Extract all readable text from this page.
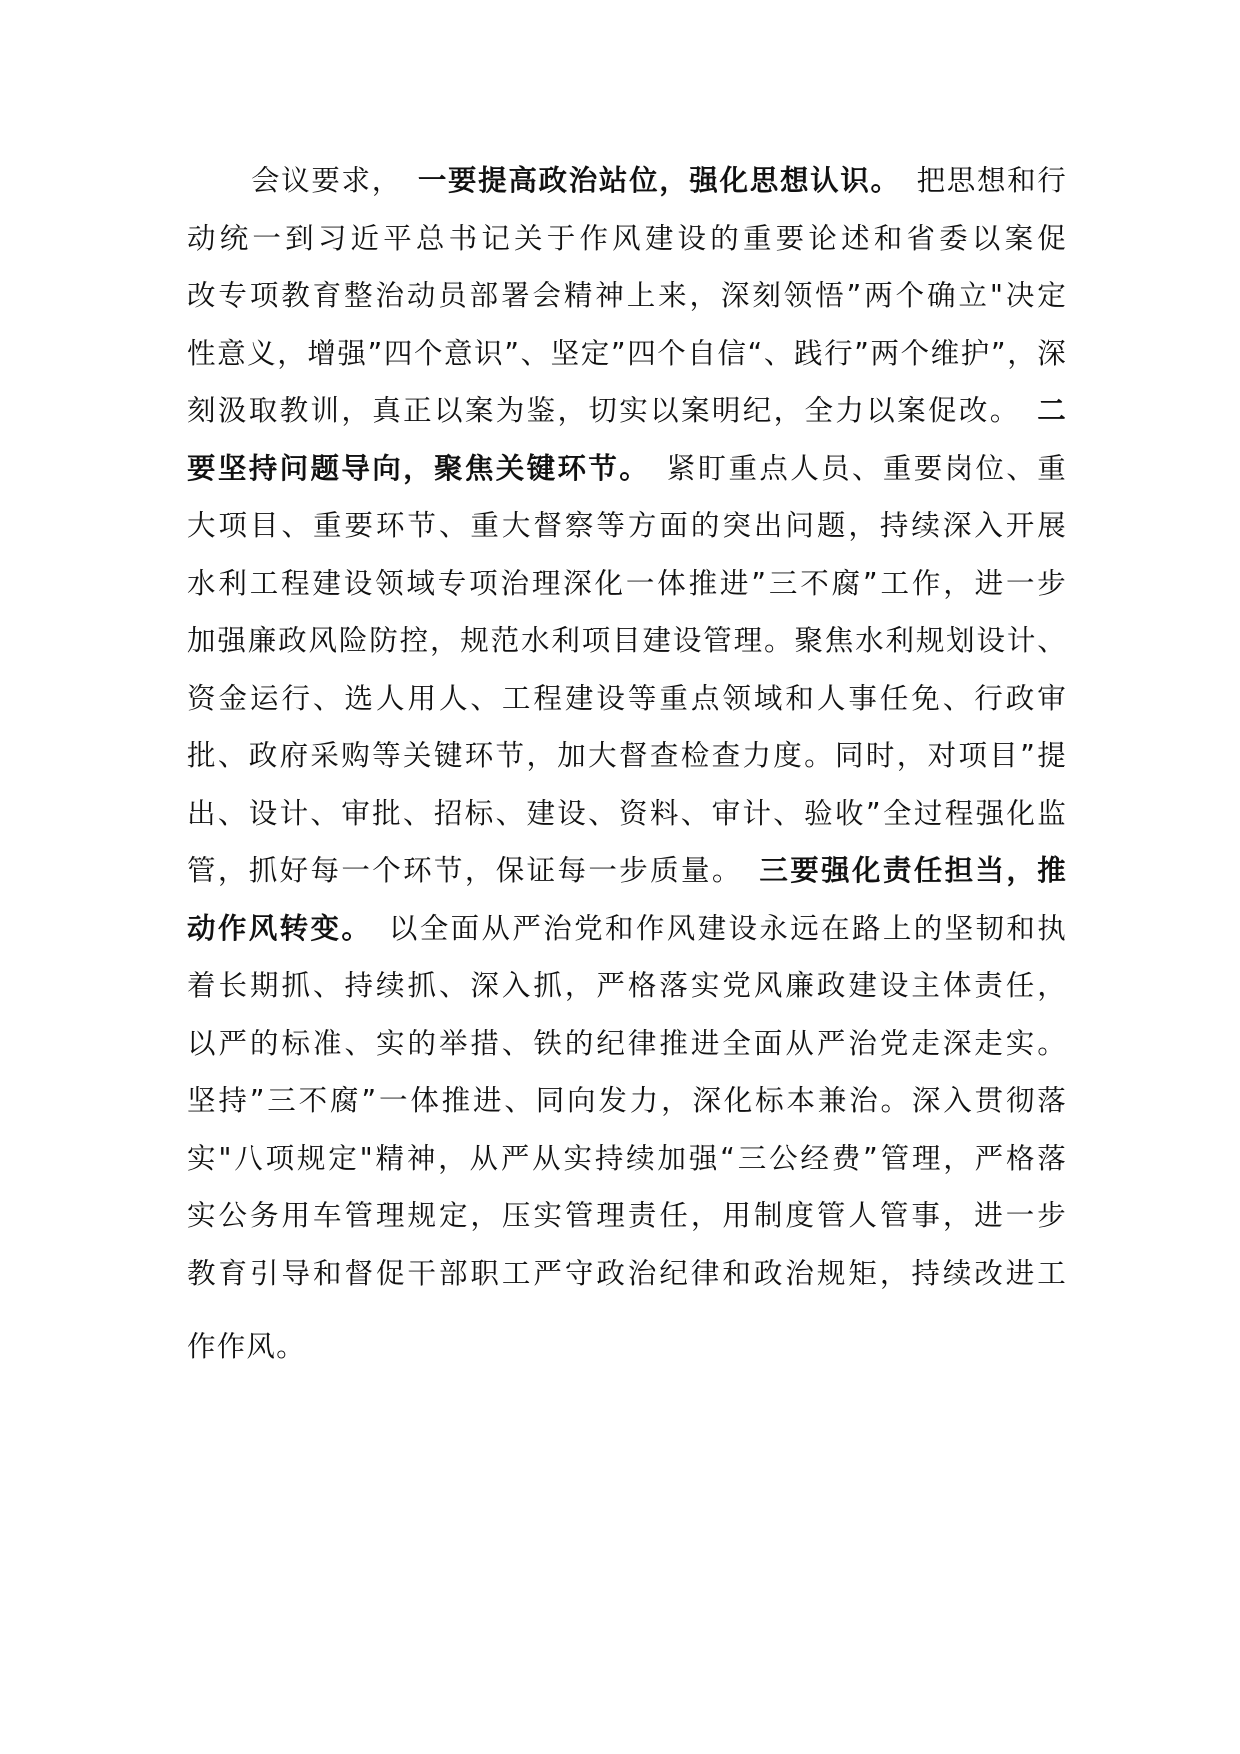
会议要求，　一要提高政治站位，强化思想认识。　把思想和行
动统一到习近平总书记关于作风建设的重要论述和省委以案促
改专项教育整治动员部署会精神上来，深刻领悟”两个确立"决定
性意义，增强”四个意识”、坚定”四个自信“、践行”两个维护”，深
刻汲取教训，真正以案为鉴，切实以案明纪，全力以案促改。　二
要坚持问题导向，聚焦关键环节。　紧盯重点人员、重要岗位、重
大项目、重要环节、重大督察等方面的突出问题，持续深入开展
水利工程建设领域专项治理深化一体推进”三不腐”工作，进一步
加强廉政风险防控，规范水利项目建设管理。聚焦水利规划设计、
资金运行、选人用人、工程建设等重点领域和人事任免、行政审
批、政府采购等关键环节，加大督查检查力度。同时，对项目”提
出、设计、审批、招标、建设、资料、审计、验收”全过程强化监
管，抓好每一个环节，保证每一步质量。　三要强化责任担当，推
动作风转变。　以全面从严治党和作风建设永远在路上的坚韧和执
着长期抓、持续抓、深入抓，严格落实党风廉政建设主体责任，
以严的标准、实的举措、铁的纪律推进全面从严治党走深走实。
坚持”三不腐”一体推进、同向发力，深化标本兼治。深入贯彻落
实"八项规定"精神，从严从实持续加强“三公经费”管理，严格落
实公务用车管理规定，压实管理责任，用制度管人管事，进一步
教育引导和督促干部职工严守政治纪律和政治规矩，持续改进工
作作风。
